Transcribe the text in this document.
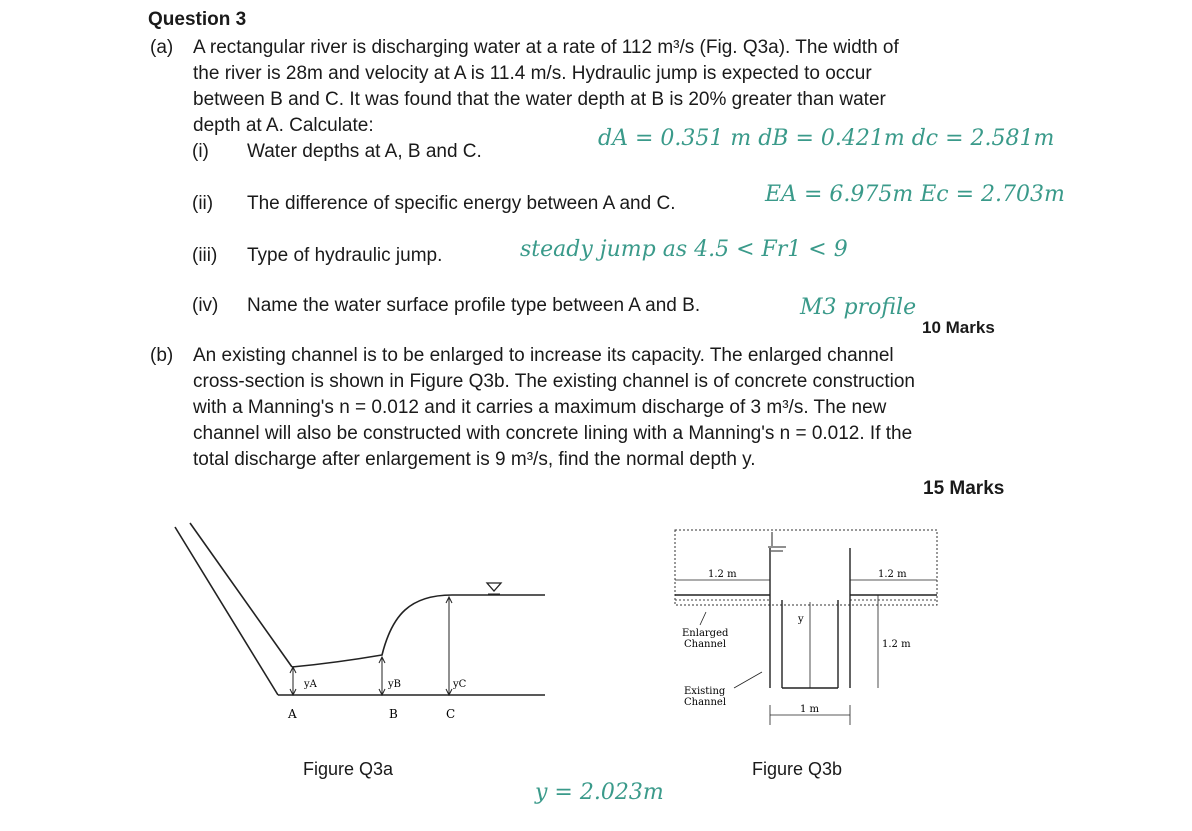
Question 3
(a) A rectangular river is discharging water at a rate of 112 m³/s (Fig. Q3a). The width of
the river is 28m and velocity at A is 11.4 m/s. Hydraulic jump is expected to occur
between B and C. It was found that the water depth at B is 20% greater than water
depth at A. Calculate:
(i) Water depths at A, B and C.
(ii) The difference of specific energy between A and C.
(iii) Type of hydraulic jump.
(iv) Name the water surface profile type between A and B.
dA = 0.351 m dB = 0.421m dc = 2.581m
EA = 6.975m Ec = 2.703m
steady jump as 4.5 < Fr1 < 9
M3 profile
10 Marks
(b) An existing channel is to be enlarged to increase its capacity. The enlarged channel
cross-section is shown in Figure Q3b. The existing channel is of concrete construction
with a Manning's n = 0.012 and it carries a maximum discharge of 3 m³/s. The new
channel will also be constructed with concrete lining with a Manning's n = 0.012. If the
total discharge after enlargement is 9 m³/s, find the normal depth y.
15 Marks
yA	yB	yC
A	B	C
Figure Q3a
1.2 m	1.2 m
y
1.2 m
1 m
Enlarged
Channel
Existing
Channel
Figure Q3b
y = 2.023m
